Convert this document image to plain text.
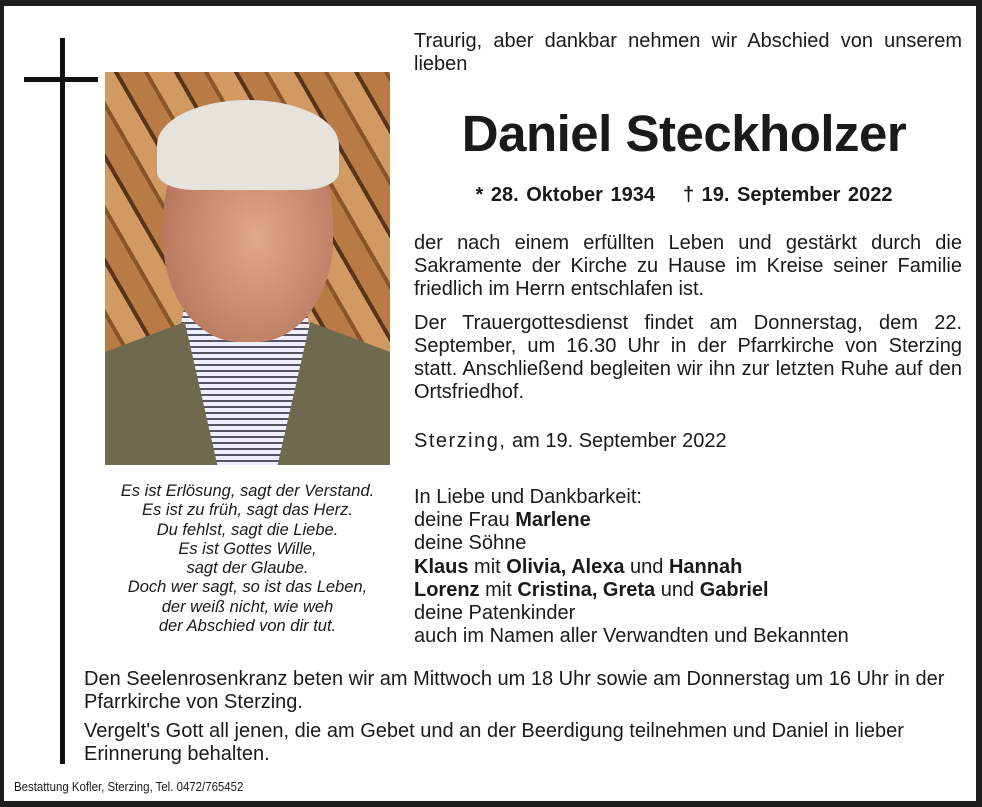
Es ist Erlösung, sagt der Verstand.
Es ist zu früh, sagt das Herz.
Du fehlst, sagt die Liebe.
Es ist Gottes Wille,
sagt der Glaube.
Doch wer sagt, so ist das Leben,
der weiß nicht, wie weh
der Abschied von dir tut.
Traurig, aber dankbar nehmen wir Abschied von unserem lieben
Daniel Steckholzer
* 28. Oktober 1934 † 19. September 2022
der nach einem erfüllten Leben und gestärkt durch die Sakramente der Kirche zu Hause im Kreise seiner Familie friedlich im Herrn entschlafen ist.
Der Trauergottesdienst findet am Donnerstag, dem 22. September, um 16.30 Uhr in der Pfarrkirche von Sterzing statt. Anschließend begleiten wir ihn zur letzten Ruhe auf den Ortsfriedhof.
Sterzing, am 19. September 2022
In Liebe und Dankbarkeit:
deine Frau Marlene
deine Söhne
Klaus mit Olivia, Alexa und Hannah
Lorenz mit Cristina, Greta und Gabriel
deine Patenkinder
auch im Namen aller Verwandten und Bekannten
Den Seelenrosenkranz beten wir am Mittwoch um 18 Uhr sowie am Donnerstag um 16 Uhr in der Pfarrkirche von Sterzing.
Vergelt's Gott all jenen, die am Gebet und an der Beerdigung teilnehmen und Daniel in lieber Erinnerung behalten.
Bestattung Kofler, Sterzing, Tel. 0472/765452
